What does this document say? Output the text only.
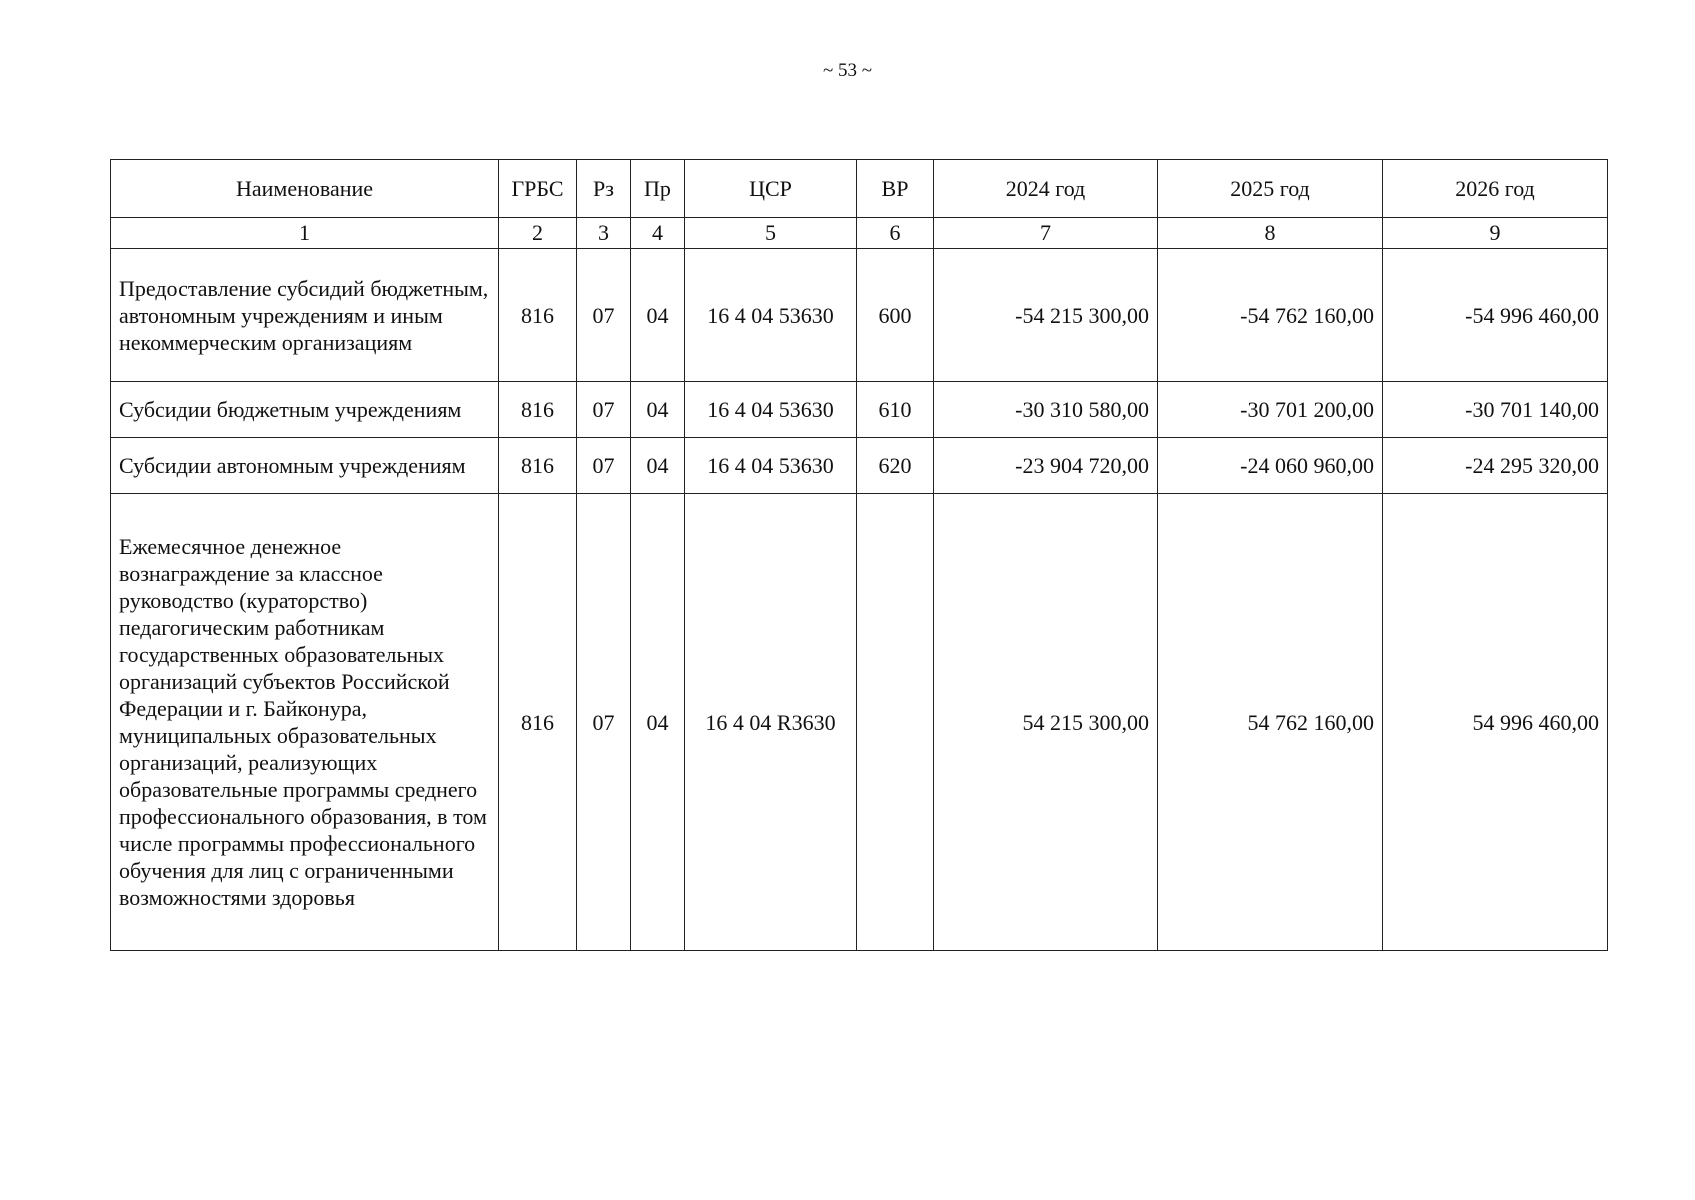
~ 53 ~
Наименование	ГРБС	Рз	Пр	ЦСР	ВР	2024 год	2025 год	2026 год
1	2	3	4	5	6	7	8	9
Предоставление субсидий бюджетным, автономным учреждениям и иным некоммерческим организациям	816	07	04	16 4 04 53630	600	-54 215 300,00	-54 762 160,00	-54 996 460,00
Субсидии бюджетным учреждениям	816	07	04	16 4 04 53630	610	-30 310 580,00	-30 701 200,00	-30 701 140,00
Субсидии автономным учреждениям	816	07	04	16 4 04 53630	620	-23 904 720,00	-24 060 960,00	-24 295 320,00
Ежемесячное денежное вознаграждение за классное руководство (кураторство) педагогическим работникам государственных образовательных организаций субъектов Российской Федерации и г. Байконура, муниципальных образовательных организаций, реализующих образовательные программы среднего профессионального образования, в том числе программы профессионального обучения для лиц с ограниченными возможностями здоровья	816	07	04	16 4 04 R3630		54 215 300,00	54 762 160,00	54 996 460,00
